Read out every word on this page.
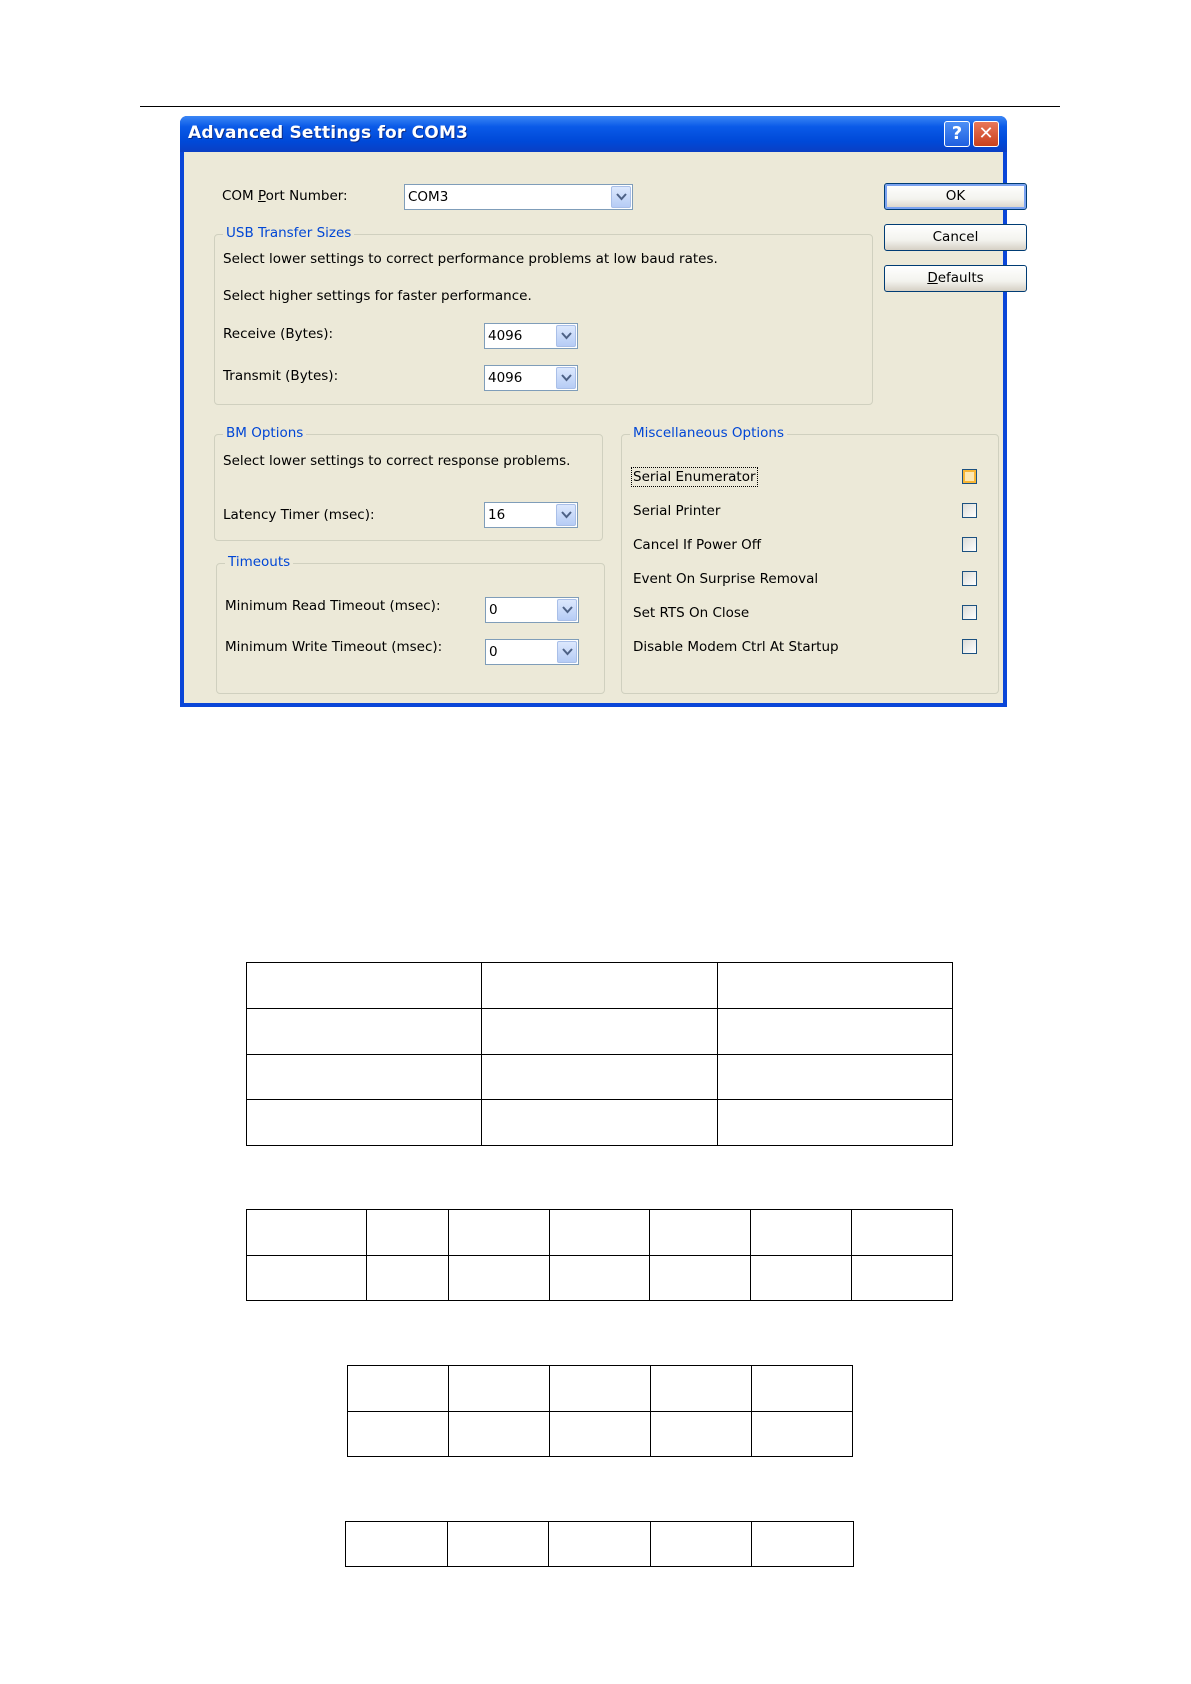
Advanced Settings for COM3	? ✕
COM Port Number:	COM3	OK
Cancel
Defaults
USB Transfer Sizes
Select lower settings to correct performance problems at low baud rates.
Select higher settings for faster performance.
Receive (Bytes):	4096
Transmit (Bytes):	4096
BM Options
Select lower settings to correct response problems.
Latency Timer (msec):	16
Timeouts
Minimum Read Timeout (msec):	0
Minimum Write Timeout (msec):	0
Miscellaneous Options
Serial Enumerator
Serial Printer
Cancel If Power Off
Event On Surprise Removal
Set RTS On Close
Disable Modem Ctrl At Startup
